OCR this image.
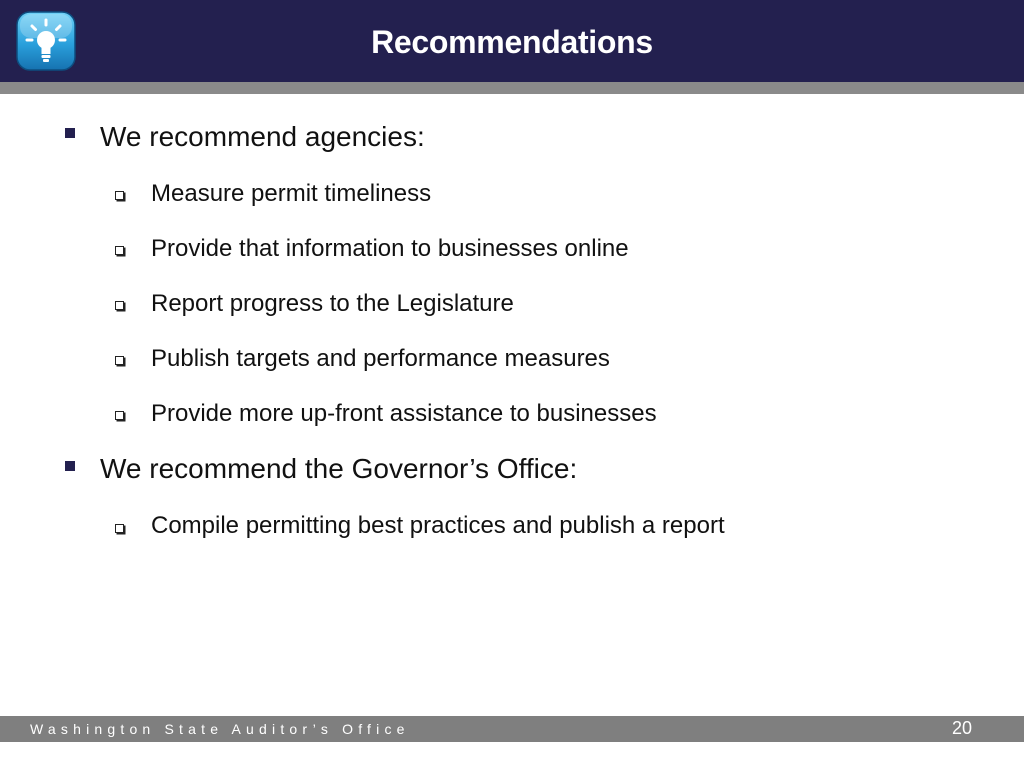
Recommendations
We recommend agencies:
Measure permit timeliness
Provide that information to businesses online
Report progress to the Legislature
Publish targets and performance measures
Provide more up-front assistance to businesses
We recommend the Governor’s Office:
Compile permitting best practices and publish a report
Washington State Auditor’s Office	20
